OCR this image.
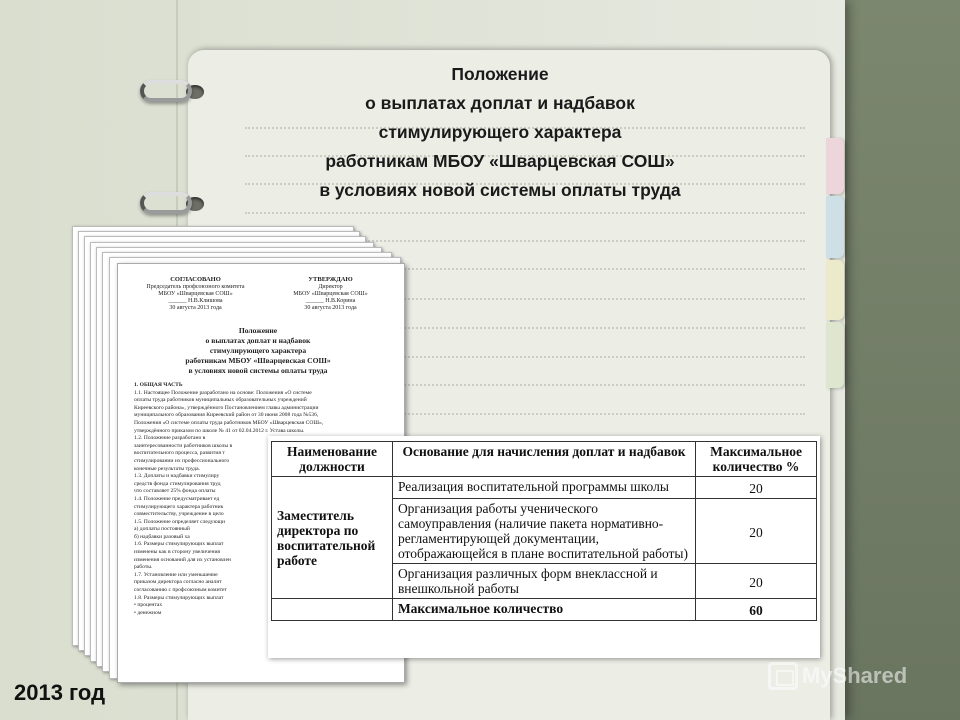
Положение
о выплатах доплат и надбавок
стимулирующего характера
работникам МБОУ «Шварцевская СОШ»
в условиях новой системы оплаты труда
СОГЛАСОВАНО
Председатель профсоюзного комитета
МБОУ «Шварцевская СОШ»
______ Н.В.Клишова
30 августа 2013 года
УТВЕРЖДАЮ
Директор
МБОУ «Шварцевская СОШ»
______ Н.В.Корина
30 августа 2013 года
Положение
о выплатах доплат и надбавок
стимулирующего характера
работникам МБОУ «Шварцевская СОШ»
в условиях новой системы оплаты труда

1. ОБЩАЯ ЧАСТЬ

1.1. Настоящее Положение разработано на основе: Положения «О системе

оплаты труда работников муниципальных образовательных учреждений

Киреевского района», утверждённого Постановлением главы администрации

муниципального образования Киреевский район от 30 июня 2008 года №536,

Положения «О системе оплаты труда работников МБОУ «Шварцевская СОШ»,

утверждённого приказом по школе № 41 от 02.04.2012 г. Устава школы.

1.2. Положение разработано в

заинтересованности работников школы в

воспитательного процесса, развития т

стимулировании их профессионального

конечные результаты труда.

1.3. Доплаты и надбавки стимулиру

средств фонда стимулирования труд

что составляет 25% фонда оплаты

1.4. Положение предусматривает ед

стимулирующего характера работник

совместительству, учреждение в цело

1.5. Положение определяет следующи

а) доплаты постоянный

б) надбавки разовый ха

1.6. Размеры стимулирующих выплат

изменены как в сторону увеличения

изменения оснований для их установлен

работы.

1.7. Установление или уменьшение

приказом директора согласно аналит

согласованию с профсоюзным комитет

1.8. Размеры стимулирующих выплат

• процентах

• денежном

Наименование должности	Основание для начисления доплат и надбавок	Максимальное количество %
Заместитель директора по воспитательной работе	Реализация воспитательной программы школы	20
	Организация работы ученического самоуправления (наличие пакета нормативно-регламентирующей документации, отображающейся в плане воспитательной работы)	20
	Организация различных форм внеклассной и внешкольной работы	20
	Максимальное количество	60
2013 год
MyShared
